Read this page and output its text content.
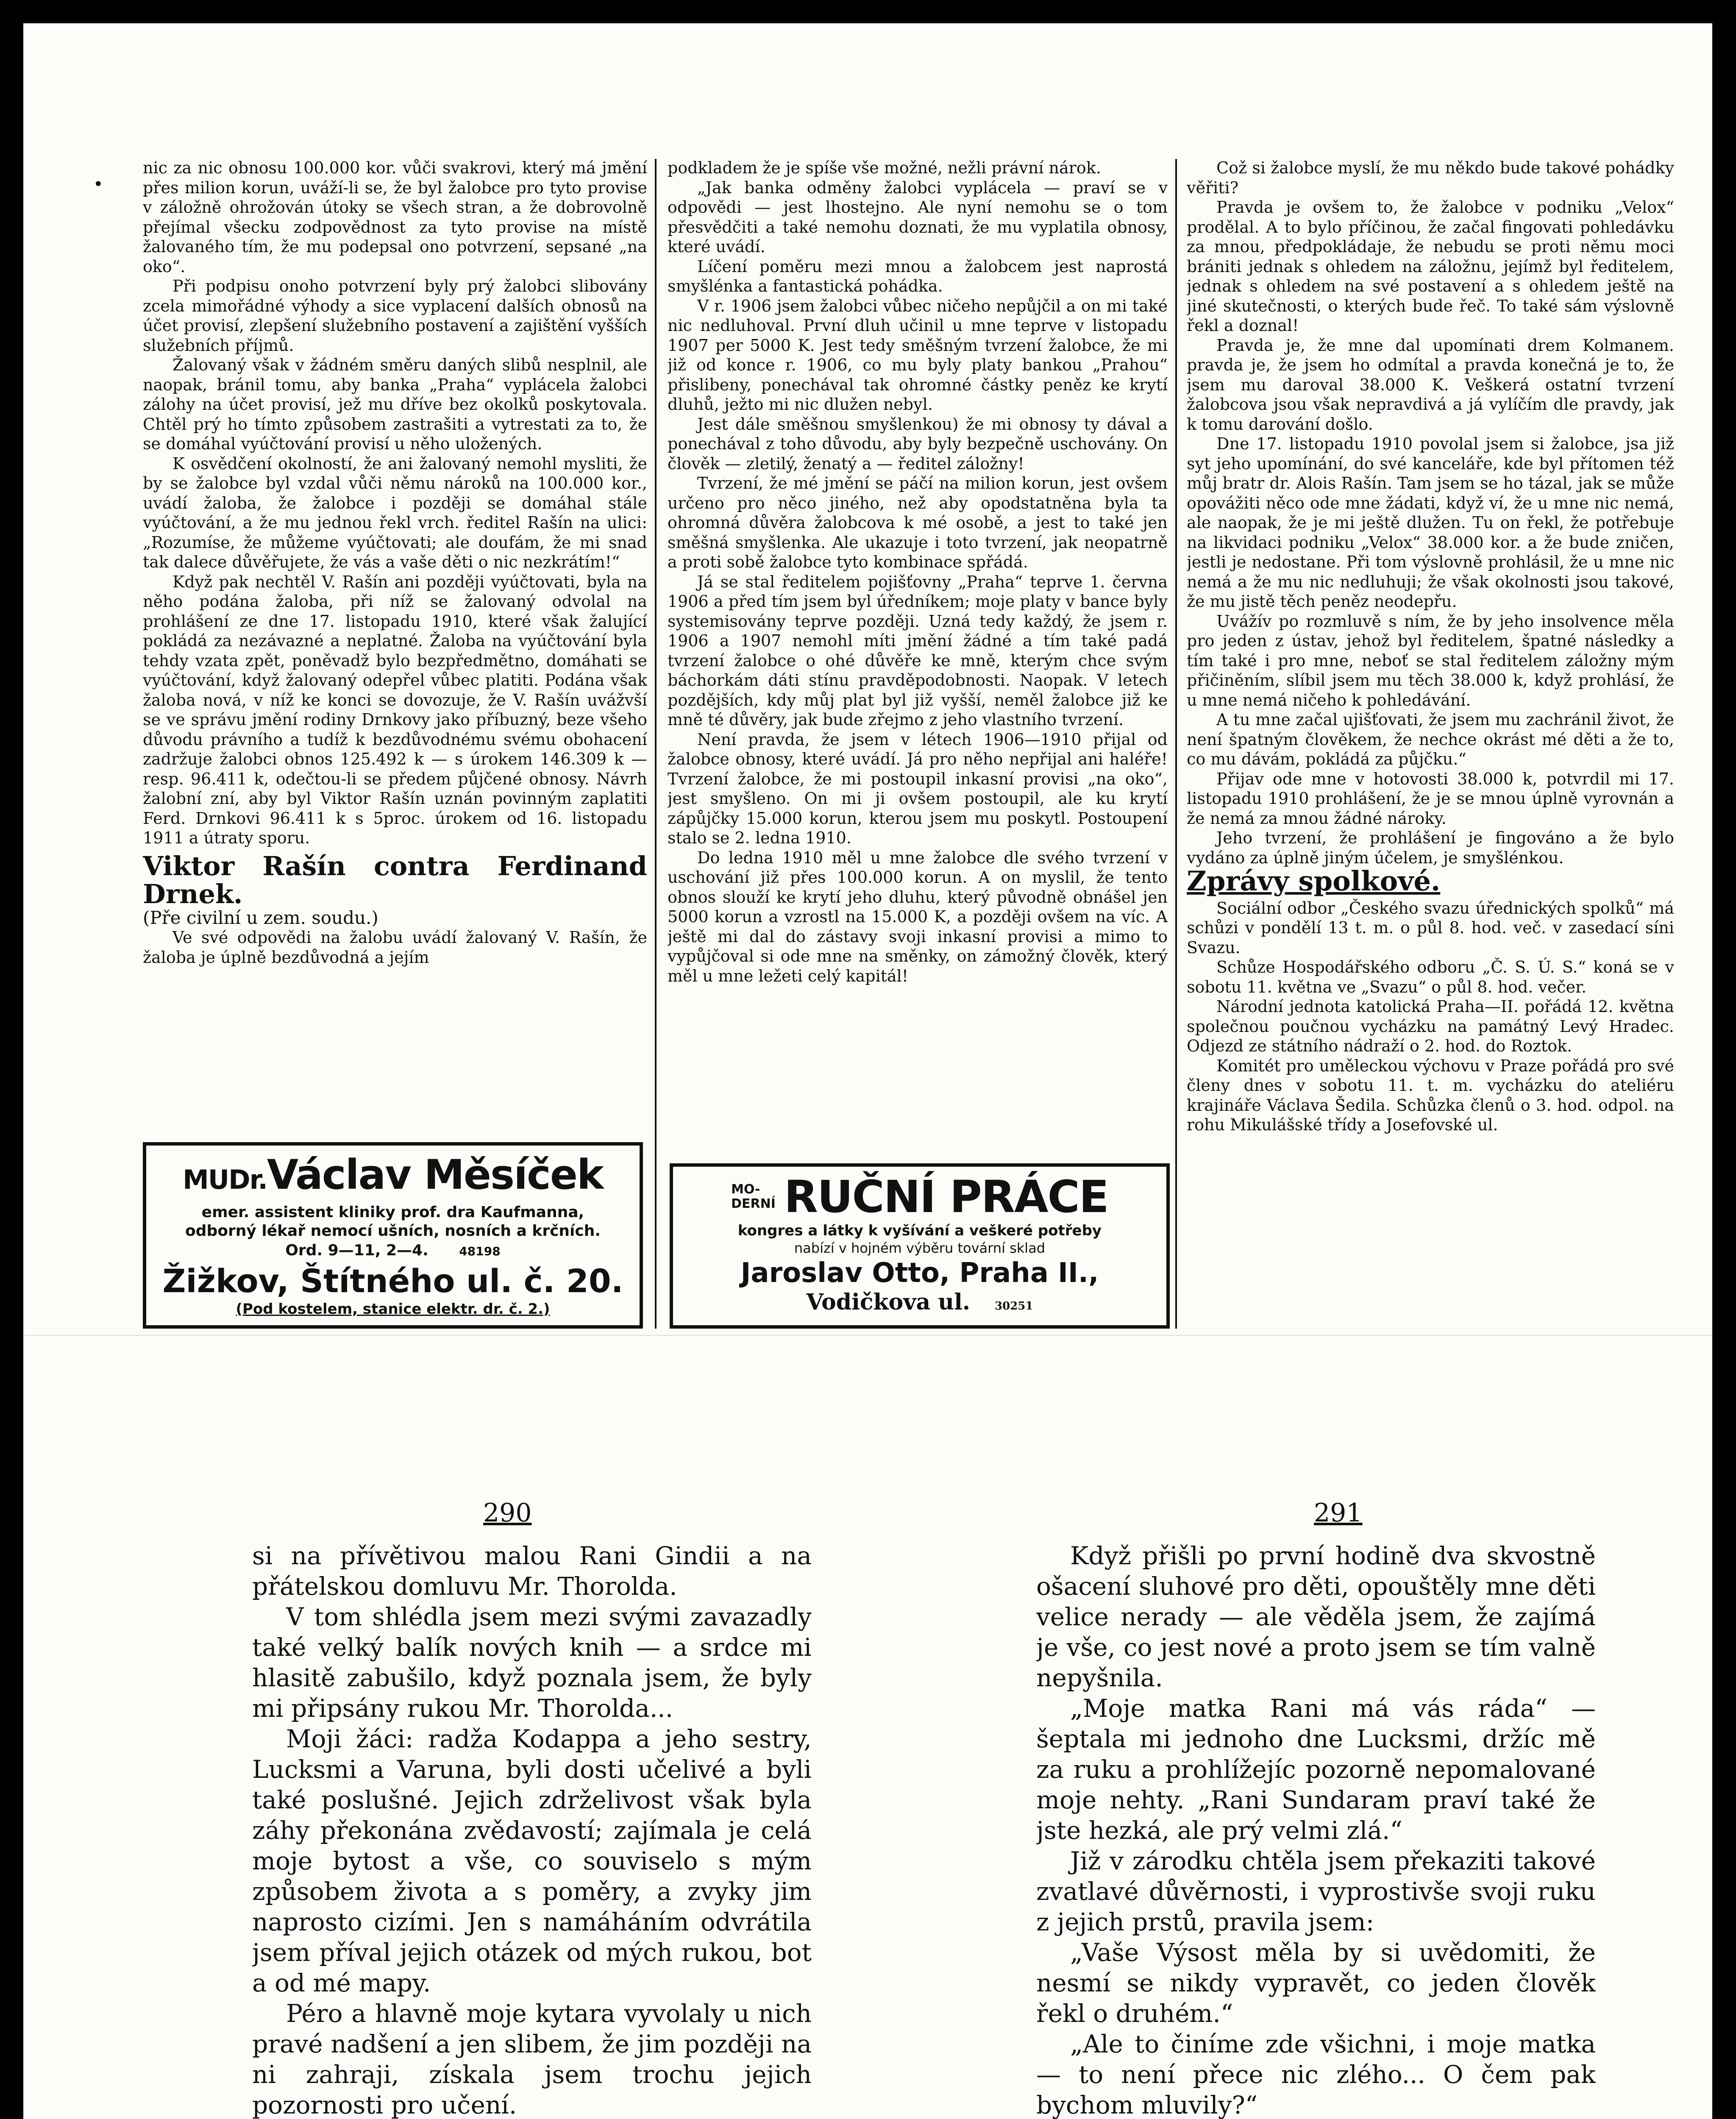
•

nic za nic obnosu 100.000 kor. vůči svakrovi, který má jmění přes milion korun, uváží-li se, že byl žalobce pro tyto provise v záložně ohrožován útoky se všech stran, a že dobrovolně přejímal všecku zodpovědnost za tyto provise na místě žalovaného tím, že mu podepsal ono potvrzení, sepsané „na oko“.

Při podpisu onoho potvrzení byly prý žalobci slibovány zcela mimořádné výhody a sice vyplacení dalších obnosů na účet provisí, zlepšení služebního postavení a zajištění vyšších služebních příjmů.

Žalovaný však v žádném směru daných slibů nesplnil, ale naopak, bránil tomu, aby banka „Praha“ vyplácela žalobci zálohy na účet provisí, jež mu dříve bez okolků poskytovala. Chtěl prý ho tímto způsobem zastrašiti a vytrestati za to, že se domáhal vyúčtování provisí u něho uložených.

K osvědčení okolností, že ani žalovaný nemohl mysliti, že by se žalobce byl vzdal vůči němu nároků na 100.000 kor., uvádí žaloba, že žalobce i později se domáhal stále vyúčtování, a že mu jednou řekl vrch. ředitel Rašín na ulici: „Rozumíse, že můžeme vyúčtovati; ale doufám, že mi snad tak dalece důvěřujete, že vás a vaše děti o nic nezkrátím!“

Když pak nechtěl V. Rašín ani později vyúčtovati, byla na něho podána žaloba, při níž se žalovaný odvolal na prohlášení ze dne 17. listopadu 1910, které však žalující pokládá za nezávazné a neplatné. Žaloba na vyúčtování byla tehdy vzata zpět, poněvadž bylo bezpředmětno, domáhati se vyúčtování, když žalovaný odepřel vůbec platiti. Podána však žaloba nová, v níž ke konci se dovozuje, že V. Rašín uvážvší se ve správu jmění rodiny Drnkovy jako příbuzný, beze všeho důvodu právního a tudíž k bezdůvodnému svému obohacení zadržuje žalobci obnos 125.492 k — s úrokem 146.309 k — resp. 96.411 k, odečtou-li se předem půjčené obnosy. Návrh žalobní zní, aby byl Viktor Rašín uznán povinným zaplatiti Ferd. Drnkovi 96.411 k s 5proc. úrokem od 16. listopadu 1911 a útraty sporu.

Viktor Rašín contra Ferdinand Drnek.

(Pře civilní u zem. soudu.)

Ve své odpovědi na žalobu uvádí žalovaný V. Rašín, že žaloba je úplně bezdůvodná a jejím

podkladem že je spíše vše možné, nežli právní nárok.

„Jak banka odměny žalobci vyplácela — praví se v odpovědi — jest lhostejno. Ale nyní nemohu se o tom přesvědčiti a také nemohu doznati, že mu vyplatila obnosy, které uvádí.

Líčení poměru mezi mnou a žalobcem jest naprostá smyšlénka a fantastická pohádka.

V r. 1906 jsem žalobci vůbec ničeho nepůjčil a on mi také nic nedluhoval. První dluh učinil u mne teprve v listopadu 1907 per 5000 K. Jest tedy směšným tvrzení žalobce, že mi již od konce r. 1906, co mu byly platy bankou „Prahou“ přislibeny, ponechával tak ohromné částky peněz ke krytí dluhů, ježto mi nic dlužen nebyl.

Jest dále směšnou smyšlenkou) že mi obnosy ty dával a ponechával z toho důvodu, aby byly bezpečně uschovány. On člověk — zletilý, ženatý a — ředitel záložny!

Tvrzení, že mé jmění se páčí na milion korun, jest ovšem určeno pro něco jiného, než aby opodstatněna byla ta ohromná důvěra žalobcova k mé osobě, a jest to také jen směšná smyšlenka. Ale ukazuje i toto tvrzení, jak neopatrně a proti sobě žalobce tyto kombinace spřádá.

Já se stal ředitelem pojišťovny „Praha“ teprve 1. června 1906 a před tím jsem byl úředníkem; moje platy v bance byly systemisovány teprve později. Uzná tedy každý, že jsem r. 1906 a 1907 nemohl míti jmění žádné a tím také padá tvrzení žalobce o ohé důvěře ke mně, kterým chce svým báchorkám dáti stínu pravděpodobnosti. Naopak. V letech pozdějších, kdy můj plat byl již vyšší, neměl žalobce již ke mně té důvěry, jak bude zřejmo z jeho vlastního tvrzení.

Není pravda, že jsem v létech 1906—1910 přijal od žalobce obnosy, které uvádí. Já pro něho nepřijal ani haléře! Tvrzení žalobce, že mi postoupil inkasní provisi „na oko“, jest smyšleno. On mi ji ovšem postoupil, ale ku krytí zápůjčky 15.000 korun, kterou jsem mu poskytl. Postoupení stalo se 2. ledna 1910.

Do ledna 1910 měl u mne žalobce dle svého tvrzení v uschování již přes 100.000 korun. A on myslil, že tento obnos slouží ke krytí jeho dluhu, který původně obnášel jen 5000 korun a vzrostl na 15.000 K, a později ovšem na víc. A ještě mi dal do zástavy svoji inkasní provisi a mimo to vypůjčoval si ode mne na směnky, on zámožný člověk, který měl u mne ležeti celý kapitál!

Což si žalobce myslí, že mu někdo bude takové pohádky věřiti?

Pravda je ovšem to, že žalobce v podniku „Velox“ prodělal. A to bylo příčinou, že začal fingovati pohledávku za mnou, předpokládaje, že nebudu se proti němu moci brániti jednak s ohledem na záložnu, jejímž byl ředitelem, jednak s ohledem na své postavení a s ohledem ještě na jiné skutečnosti, o kterých bude řeč. To také sám výslovně řekl a doznal!

Pravda je, že mne dal upomínati drem Kolmanem. pravda je, že jsem ho odmítal a pravda konečná je to, že jsem mu daroval 38.000 K. Veškerá ostatní tvrzení žalobcova jsou však nepravdivá a já vylíčím dle pravdy, jak k tomu darování došlo.

Dne 17. listopadu 1910 povolal jsem si žalobce, jsa již syt jeho upomínání, do své kanceláře, kde byl přítomen též můj bratr dr. Alois Rašín. Tam jsem se ho tázal, jak se může opovážiti něco ode mne žádati, když ví, že u mne nic nemá, ale naopak, že je mi ještě dlužen. Tu on řekl, že potřebuje na likvidaci podniku „Velox“ 38.000 kor. a že bude zničen, jestli je nedostane. Při tom výslovně prohlásil, že u mne nic nemá a že mu nic nedluhuji; že však okolnosti jsou takové, že mu jistě těch peněz neodepřu.

Uvážív po rozmluvě s ním, že by jeho insolvence měla pro jeden z ústav, jehož byl ředitelem, špatné následky a tím také i pro mne, neboť se stal ředitelem záložny mým přičiněním, slíbil jsem mu těch 38.000 k, když prohlásí, že u mne nemá ničeho k pohledávání.

A tu mne začal ujišťovati, že jsem mu zachránil život, že není špatným člověkem, že nechce okrást mé děti a že to, co mu dávám, pokládá za půjčku.“

Přijav ode mne v hotovosti 38.000 k, potvrdil mi 17. listopadu 1910 prohlášení, že je se mnou úplně vyrovnán a že nemá za mnou žádné nároky.

Jeho tvrzení, že prohlášení je fingováno a že bylo vydáno za úplně jiným účelem, je smyšlénkou.

Zprávy spolkové.

Sociální odbor „Českého svazu úřednických spolků“ má schůzi v pondělí 13 t. m. o půl 8. hod. več. v zasedací síni Svazu.

Schůze Hospodářského odboru „Č. S. Ú. S.“ koná se v sobotu 11. května ve „Svazu“ o půl 8. hod. večer.

Národní jednota katolická Praha—II. pořádá 12. května společnou poučnou vycházku na památný Levý Hradec. Odjezd ze státního nádraží o 2. hod. do Roztok.

Komitét pro uměleckou výchovu v Praze pořádá pro své členy dnes v sobotu 11. t. m. vycházku do ateliéru krajináře Václava Šedila. Schůzka členů o 3. hod. odpol. na rohu Mikulášské třídy a Josefovské ul.

MUDr.Václav Měsíček
emer. assistent kliniky prof. dra Kaufmanna, odborný lékař nemocí ušních, nosních a krčních.
Ord. 9—11, 2—4.	48198
Žižkov, Štítného ul. č. 20.
(Pod kostelem, stanice elektr. dr. č. 2.)
MO-
DERNÍ RUČNÍ PRÁCE
kongres a látky k vyšívání a veškeré potřeby
nabízí v hojném výběru tovární sklad
Jaroslav Otto, Praha II.,
Vodičkova ul. 30251
290	291

si na přívětivou malou Rani Gindii a na přátelskou domluvu Mr. Thorolda.

V tom shlédla jsem mezi svými zavazadly také velký balík nových knih — a srdce mi hlasitě zabušilo, když poznala jsem, že byly mi připsány rukou Mr. Thorolda...

Moji žáci: radža Kodappa a jeho sestry, Lucksmi a Varuna, byli dosti učelivé a byli také poslušné. Jejich zdrželivost však byla záhy překonána zvědavostí; zajímala je celá moje bytost a vše, co souviselo s mým způsobem života a s poměry, a zvyky jim naprosto cizími. Jen s namáháním odvrátila jsem příval jejich otázek od mých rukou, bot a od mé mapy.

Péro a hlavně moje kytara vyvolaly u nich pravé nadšení a jen slibem, že jim později na ni zahraji, získala jsem trochu jejich pozornosti pro učení.

Když přišli po první hodině dva skvostně ošacení sluhové pro děti, opouštěly mne děti velice nerady — ale věděla jsem, že zajímá je vše, co jest nové a proto jsem se tím valně nepyšnila.

„Moje matka Rani má vás ráda“ — šeptala mi jednoho dne Lucksmi, držíc mě za ruku a prohlížejíc pozorně nepomalované moje nehty. „Rani Sundaram praví také že jste hezká, ale prý velmi zlá.“

Již v zárodku chtěla jsem překaziti takové zvatlavé důvěrnosti, i vyprostivše svoji ruku z jejich prstů, pravila jsem:

„Vaše Výsost měla by si uvědomiti, že nesmí se nikdy vypravět, co jeden člověk řekl o druhém.“

„Ale to činíme zde všichni, i moje matka — to není přece nic zlého... O čem pak bychom mluvily?“
